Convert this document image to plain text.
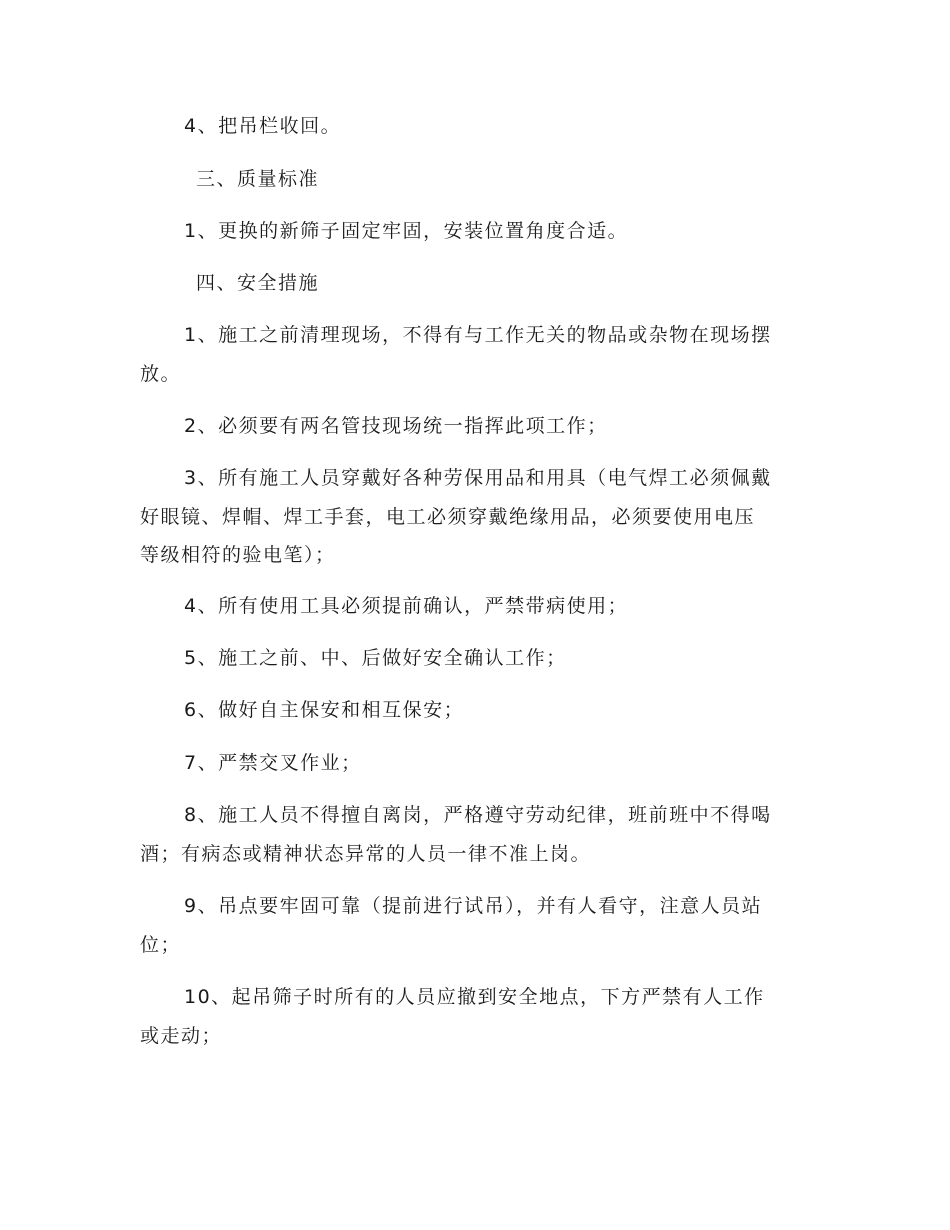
4、把吊栏收回。
三、质量标准
1、更换的新筛子固定牢固，安装位置角度合适。
四、安全措施
1、施工之前清理现场，不得有与工作无关的物品或杂物在现场摆
放。
2、必须要有两名管技现场统一指挥此项工作；
3、所有施工人员穿戴好各种劳保用品和用具（电气焊工必须佩戴
好眼镜、焊帽、焊工手套，电工必须穿戴绝缘用品，必须要使用电压
等级相符的验电笔）；
4、所有使用工具必须提前确认，严禁带病使用；
5、施工之前、中、后做好安全确认工作；
6、做好自主保安和相互保安；
7、严禁交叉作业；
8、施工人员不得擅自离岗，严格遵守劳动纪律，班前班中不得喝
酒；有病态或精神状态异常的人员一律不准上岗。
9、吊点要牢固可靠（提前进行试吊），并有人看守，注意人员站
位；
10、起吊筛子时所有的人员应撤到安全地点，下方严禁有人工作
或走动；
